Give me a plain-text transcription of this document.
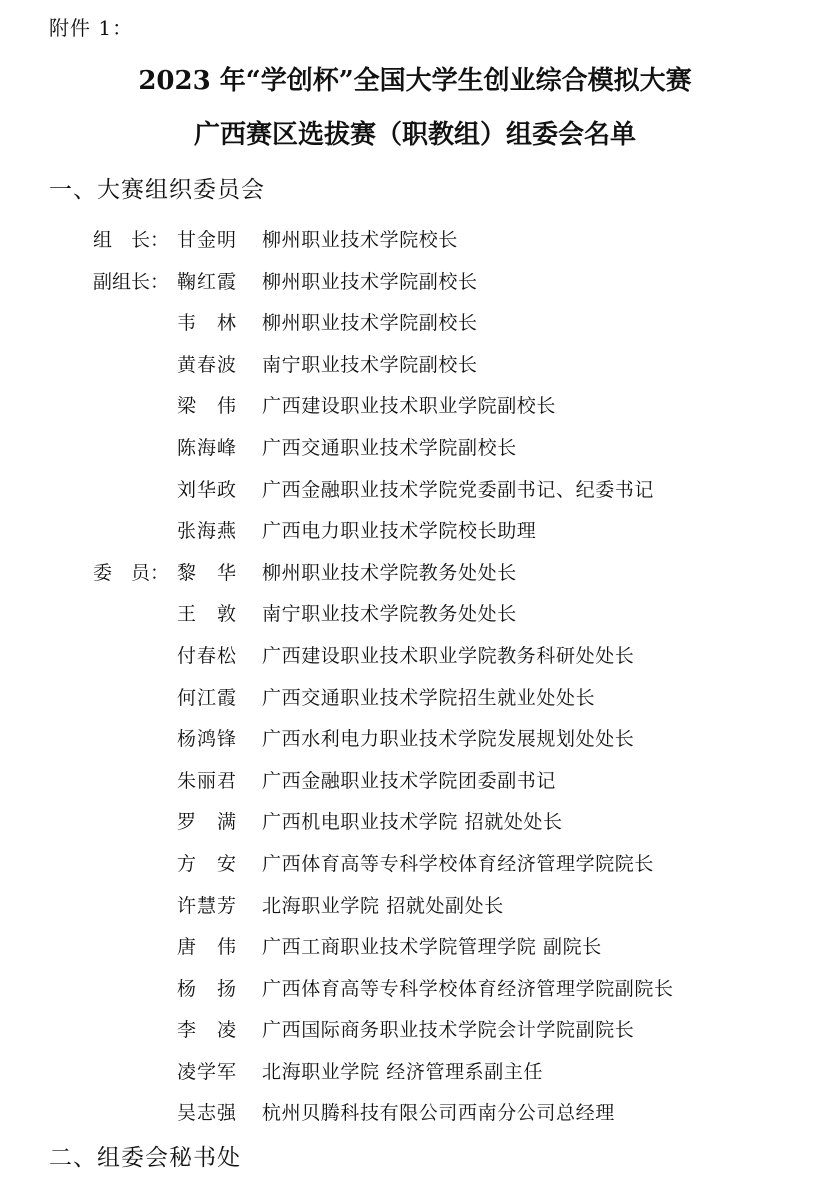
附件 1：
2023 年“学创杯”全国大学生创业综合模拟大赛
广西赛区选拔赛（职教组）组委会名单
一、大赛组织委员会
组　长： 甘金明	柳州职业技术学院校长
副组长： 鞠红霞	柳州职业技术学院副校长
韦　林	柳州职业技术学院副校长
黄春波	南宁职业技术学院副校长
梁　伟	广西建设职业技术职业学院副校长
陈海峰	广西交通职业技术学院副校长
刘华政	广西金融职业技术学院党委副书记、纪委书记
张海燕	广西电力职业技术学院校长助理
委　员： 黎　华	柳州职业技术学院教务处处长
王　敦	南宁职业技术学院教务处处长
付春松	广西建设职业技术职业学院教务科研处处长
何江霞	广西交通职业技术学院招生就业处处长
杨鸿锋	广西水利电力职业技术学院发展规划处处长
朱丽君	广西金融职业技术学院团委副书记
罗　满	广西机电职业技术学院 招就处处长
方　安	广西体育高等专科学校体育经济管理学院院长
许慧芳	北海职业学院 招就处副处长
唐　伟	广西工商职业技术学院管理学院 副院长
杨　扬	广西体育高等专科学校体育经济管理学院副院长
李　凌	广西国际商务职业技术学院会计学院副院长
凌学军	北海职业学院 经济管理系副主任
吴志强	杭州贝腾科技有限公司西南分公司总经理
二、组委会秘书处
